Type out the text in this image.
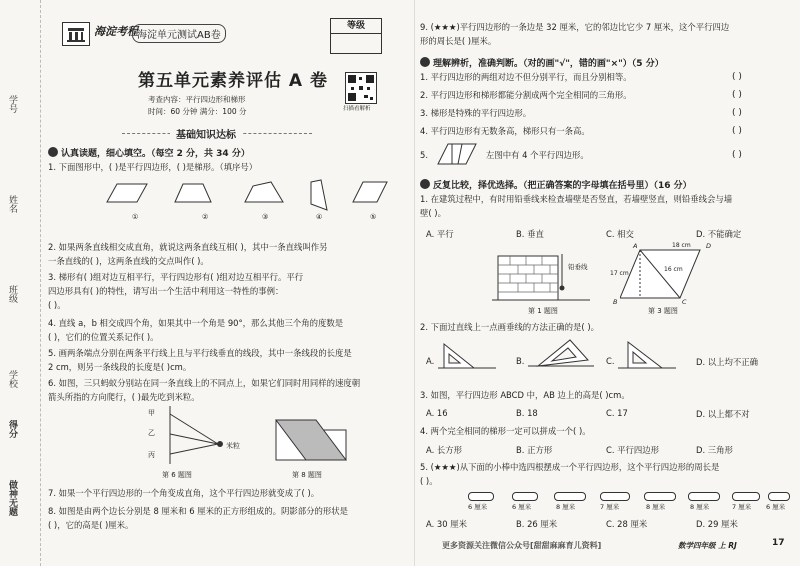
学号
姓名
班级
学校
得分
做神无题
海淀考程 海淀单元测试AB卷
等级
第五单元素养评估 A 卷
扫描看解析
考查内容：平行四边形和梯形
时间：60 分钟 满分：100 分
基础知识达标
认真读题，细心填空。（每空 2 分，共 34 分）
1. 下面图形中，( )是平行四边形，( )是梯形。（填序号）
①	②	③	④	⑤
2. 如果两条直线相交成直角，就说这两条直线互相( )，其中一条直线叫作另
一条直线的( )，这两条直线的交点叫作( )。
3. 梯形有( )组对边互相平行，平行四边形有( )组对边互相平行。平行
四边形具有( )的特性，请写出一个生活中利用这一特性的事例：
( )。
4. 直线 a，b 相交成四个角，如果其中一个角是 90°，那么其他三个角的度数是
( )，它们的位置关系记作( )。
5. 画两条端点分别在两条平行线上且与平行线垂直的线段，其中一条线段的长度是
2 cm，则另一条线段的长度是( )cm。
6. 如图，三只蚂蚁分别站在同一条直线上的不同点上，如果它们同时用同样的速度朝
箭头所指的方向爬行，( )最先吃到米粒。
甲
乙
丙
米粒
第 6 题图	第 8 题图
7. 如果一个平行四边形的一个角变成直角，这个平行四边形就变成了( )。
8. 如图是由两个边长分别是 8 厘米和 6 厘米的正方形组成的。阴影部分的形状是
( )，它的高是( )厘米。
9. (★★★)平行四边形的一条边是 32 厘米，它的邻边比它少 7 厘米，这个平行四边
形的周长是( )厘米。
理解辨析，准确判断。（对的画"√"，错的画"×"）（5 分）
1. 平行四边形的两组对边不但分别平行，而且分别相等。	( )
2. 平行四边形和梯形都能分割成两个完全相同的三角形。	( )
3. 梯形是特殊的平行四边形。	( )
4. 平行四边形有无数条高，梯形只有一条高。	( )
5.	左图中有 4 个平行四边形。	( )
反复比较，择优选择。（把正确答案的字母填在括号里）（16 分）
1. 在建筑过程中，有时用铅垂线来检查墙壁是否竖直，若墙壁竖直，则铅垂线会与墙
壁( )。
A. 平行	B. 垂直	C. 相交	D. 不能确定
铅垂线
第 1 题图
A	18 cm D
B	C
17 cm
16 cm
第 3 题图
2. 下面过直线上一点画垂线的方法正确的是( )。
A.	B.	C.	D. 以上均不正确
3. 如图，平行四边形 ABCD 中，AB 边上的高是( )cm。
A. 16	B. 18	C. 17	D. 以上都不对
4. 两个完全相同的梯形一定可以拼成一个( )。
A. 长方形	B. 正方形	C. 平行四边形	D. 三角形
5. (★★★)从下面的小棒中选四根摆成一个平行四边形，这个平行四边形的周长是
( )。
6 厘米	6 厘米	8 厘米	7 厘米	8 厘米	8 厘米	7 厘米 6 厘米
A. 30 厘米	B. 26 厘米	C. 28 厘米	D. 29 厘米
更多资源关注微信公众号[甜甜麻麻育儿资料]	数学四年级 上 RJ	17
